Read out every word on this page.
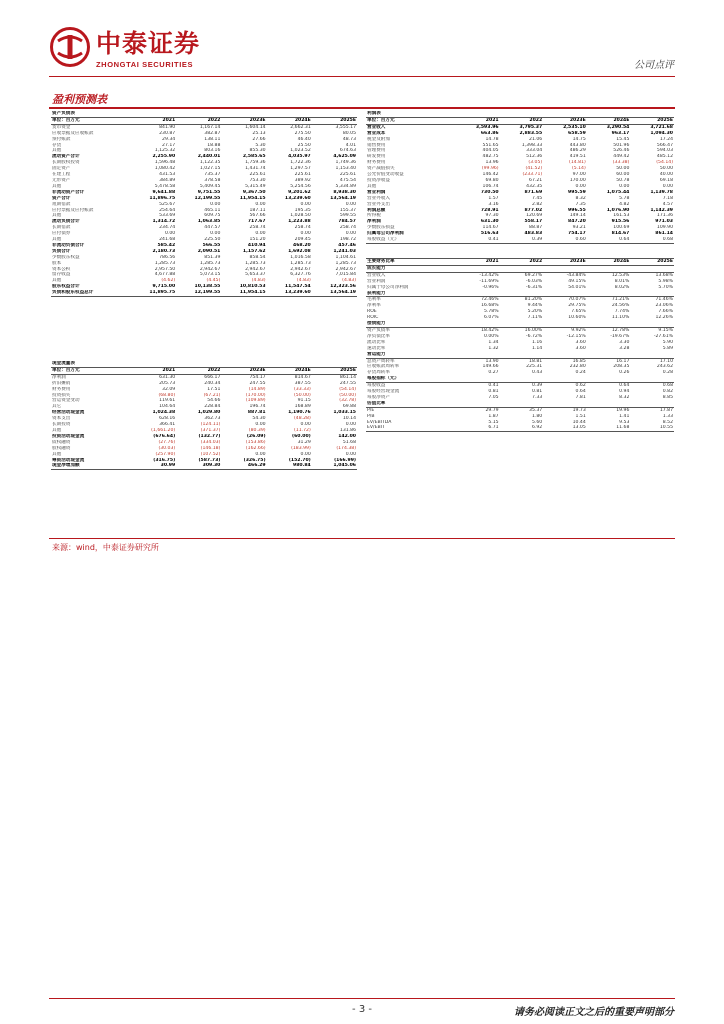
中泰证券
ZHONGTAI SECURITIES	公司点评
盈利预测表
资产负债表					
单位：百万元	2021	2022	2023E	2024E	2025E
货币资金	841.90	1,167.14	1,604.14	2,662.31	3,555.17
应收票据及应收账款	230.87	382.87	25.13	275.50	80.05
预付账款	29.34	138.11	27.66	46.40	48.73
存货	27.17	18.88	5.30	25.50	4.01
其他	1,125.32	803.16	855.30	1,023.52	674.63
流动资产合计	2,255.90	2,440.01	2,585.65	4,035.97	4,625.09
长期股权投资	1,596.48	1,122.35	1,759.36	1,722.36	1,749.36
固定资产	1,080.42	1,027.15	1,431.74	1,297.57	1,153.40
在建工程	431.53	735.37	225.61	225.61	225.61
无形资产	384.89	378.58	753.30	389.92	475.54
其他	5,478.58	5,409.45	5,315.49	5,254.56	5,334.89
非流动资产合计	9,641.88	9,751.55	9,367.50	9,201.62	8,938.30
资产合计	11,896.75	12,199.55	11,954.15	13,239.60	13,564.19
短期借款	525.67	0.00	0.00	0.00	0.00
应付票据及应付账款	254.64	465.11	187.11	195.35	155.37
其他	533.69	609.75	567.66	1,028.50	599.55
流动负债合计	1,314.72	1,063.85	717.67	1,223.88	784.57
长期借款	234.74	447.57	258.74	258.74	258.74
应付债券	0.00	0.00	0.00	0.00	0.00
其他	241.68	225.50	151.20	209.45	198.72
非流动负债合计	585.42	566.55	410.94	468.20	457.46
负债合计	2,180.73	2,090.51	1,157.62	1,692.08	1,241.03
少数股东权益	786.56	851.39	858.54	1,016.58	1,104.61
股本	1,285.73	1,285.73	1,285.73	1,285.73	1,285.73
资本公积	2,957.50	2,942.67	2,942.67	2,942.67	2,942.67
留存收益	4,677.88	5,073.15	5,653.37	6,327.76	7,015.84
其他	(4.62)	(4.45)	(4.83)	(4.83)	(4.83)
股东权益合计	9,715.00	10,138.55	10,810.53	11,547.54	12,323.56
负债和股东权益总计	11,895.75	12,199.55	11,954.15	13,239.60	13,564.19
现金流量表					
单位：百万元	2021	2022	2023E	2024E	2025E
净利润	631.30	666.17	754.17	814.67	861.14
折旧摊销	205.73	240.34	247.55	387.55	247.55
财务费用	32.09	17.51	(14.89)	(33.33)	(54.14)
投资损失	(68.80)	(67.21)	(170.00)	(50.00)	(50.00)
营运资金变动	119.61	54.66	(109.89)	91.15	(32.78)
其它	104.64	228.84	196.74	168.89	69.88
经营活动现金流	1,024.38	1,029.80	887.81	1,190.76	1,033.15
资本支出	628.16	362.73	54.30	(48.28)	10.14
长期投资	366.41	(124.11)	0.00	0.00	0.00
其他	(1,661.20)	(371.37)	(80.39)	(11.72)	131.86
投资活动现金流	(676.64)	(132.77)	(26.09)	(60.00)	142.00
债权融资	(27.76)	(334.03)	(153.86)	31.29	51.68
股权融资	(30.03)	(146.18)	(162.66)	(183.99)	(174.38)
其他	(257.90)	(107.52)	0.00	0.00	0.00
筹资活动现金流	(316.75)	(587.73)	(326.75)	(152.70)	(166.99)
现金净增加额	30.99	309.30	466.29	980.84	1,045.06
利润表					
单位：百万元	2021	2022	2023E	2024E	2025E
营业收入	3,593.96	3,795.37	2,535.10	3,290.54	3,721.68
营业成本	663.86	2,883.55	658.59	963.17	1,094.30
税金及附加	14.78	21.06	14.75	15.45	17.24
销售费用	551.65	1,398.33	443.80	501.96	566.47
管理费用	404.05	333.04	486.29	526.46	594.03
研发费用	482.75	512.36	419.51	449.42	485.12
财务费用	13.96	(3.05)	(14.81)	(33.38)	(54.14)
资产减值损失	(99.96)	(41.52)	(5.14)	50.00	50.00
公允价值变动收益	146.42	(233.71)	97.00	60.00	40.00
投资净收益	69.80	67.21	170.00	50.78	69.18
其他	106.74	432.35	0.00	0.00	0.00
营业利润	730.50	871.69	995.59	1,075.44	1,139.78
营业外收入	1.57	7.45	8.32	5.78	7.18
营业外支出	3.16	2.82	7.35	4.82	4.57
利润总额	728.91	877.02	996.55	1,076.90	1,142.39
所得税	97.30	120.69	149.14	161.53	171.36
净利润	631.30	558.17	847.20	915.56	971.03
少数股东损益	114.67	88.87	93.21	100.69	109.90
归属母公司净利润	516.63	483.83	754.17	814.67	861.14
每股收益（元）	0.41	0.39	0.60	0.64	0.68
主要财务比率	2021	2022	2023E	2024E	2025E
成长能力					
营业收入	-13.42%	69.27%	-43.84%	12.53%	13.68%
营业利润	-11.69%	-6.03%	49.15%	8.01%	5.98%
归属于母公司净利润	-0.96%	-6.31%	54.01%	8.02%	5.70%
获利能力					
毛利率	72.46%	81.20%	70.07%	71.21%	71.46%
净利率	16.68%	9.44%	29.75%	24.56%	23.06%
ROE	5.78%	5.20%	7.65%	7.74%	7.66%
ROIC	6.07%	7.11%	10.60%	11.10%	12.26%
偿债能力					
资产负债率	18.42%	16.00%	9.92%	12.78%	9.15%
净负债比率	0.00%	-6.72%	-12.15%	-19.67%	-27.61%
流动比率	1.34	1.16	3.60	3.30	5.90
速动比率	1.32	1.14	3.60	3.28	5.89
营运能力					
总资产周转率	13.90	18.81	16.85	16.17	17.10
应收账款周转率	149.66	225.31	232.80	208.35	243.62
存货周转率	0.27	0.43	0.24	0.26	0.28
每股指标（元）					
每股收益	0.41	0.39	0.62	0.64	0.68
每股经营现金流	0.81	0.81	0.64	0.94	0.82
每股净资产	7.05	7.33	7.81	8.32	8.85
估值比率					
P/E	29.79	35.37	19.73	19.96	17.87
P/B	1.87	1.80	1.51	1.41	1.33
EV/EBITDA	5.15	5.60	10.44	9.53	8.52
EV/EBIT	6.71	6.92	13.05	11.68	10.55
来源：wind，中泰证券研究所
- 3 -	请务必阅读正文之后的重要声明部分
